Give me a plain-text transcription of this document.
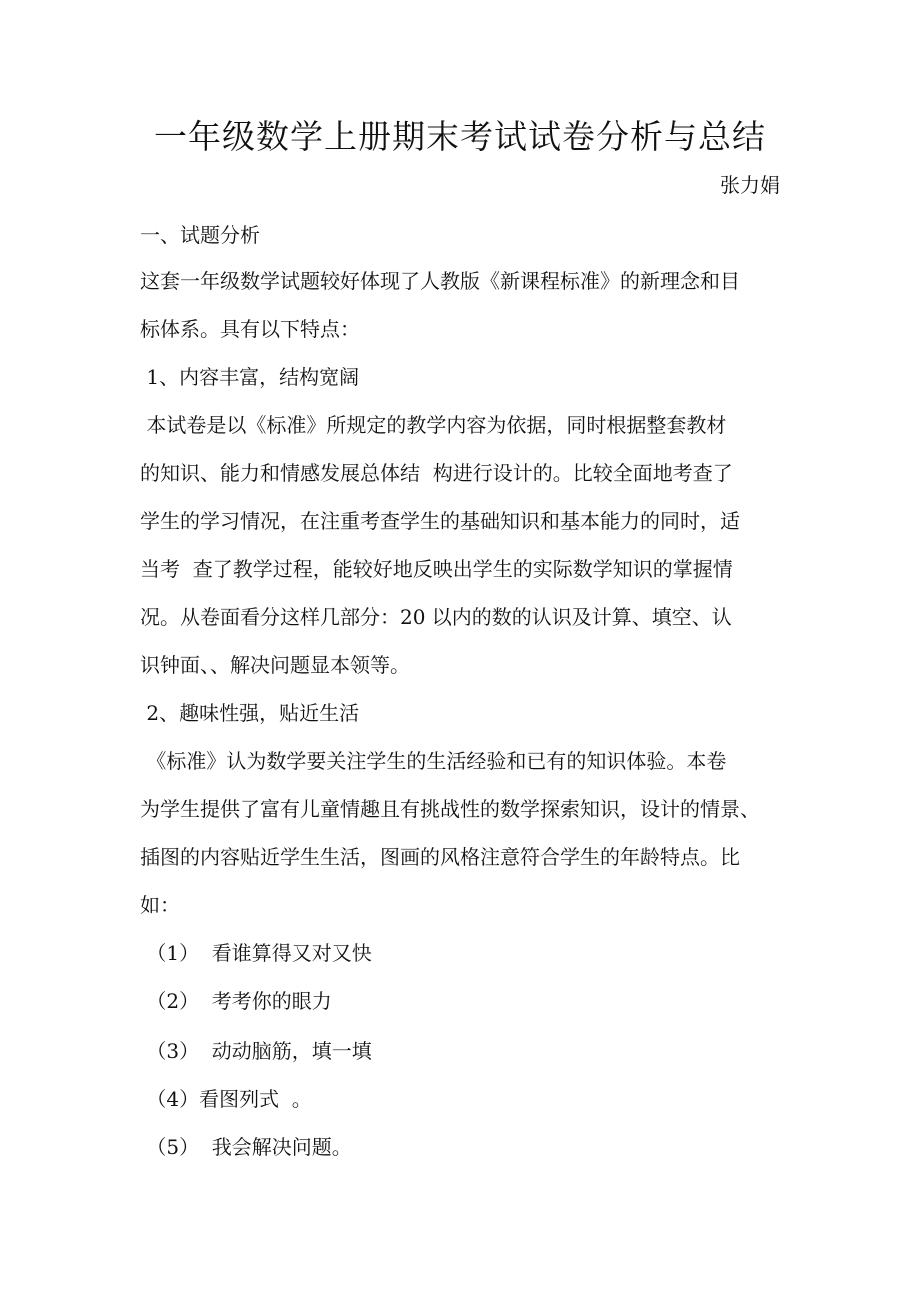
一年级数学上册期末考试试卷分析与总结
张力娟
一、试题分析
这套一年级数学试题较好体现了人教版《新课程标准》的新理念和目
标体系。具有以下特点：
1、内容丰富，结构宽阔
本试卷是以《标准》所规定的教学内容为依据，同时根据整套教材
的知识、能力和情感发展总体结  构进行设计的。比较全面地考查了
学生的学习情况，在注重考查学生的基础知识和基本能力的同时，适
当考  查了教学过程，能较好地反映出学生的实际数学知识的掌握情
况。从卷面看分这样几部分：20 以内的数的认识及计算、填空、认
识钟面、、解决问题显本领等。
2、趣味性强，贴近生活
《标准》认为数学要关注学生的生活经验和已有的知识体验。本卷
为学生提供了富有儿童情趣且有挑战性的数学探索知识，设计的情景、
插图的内容贴近学生生活，图画的风格注意符合学生的年龄特点。比
如：
（1）  看谁算得又对又快
（2）  考考你的眼力
（3）  动动脑筋，填一填
（4）看图列式  。
（5）  我会解决问题。
